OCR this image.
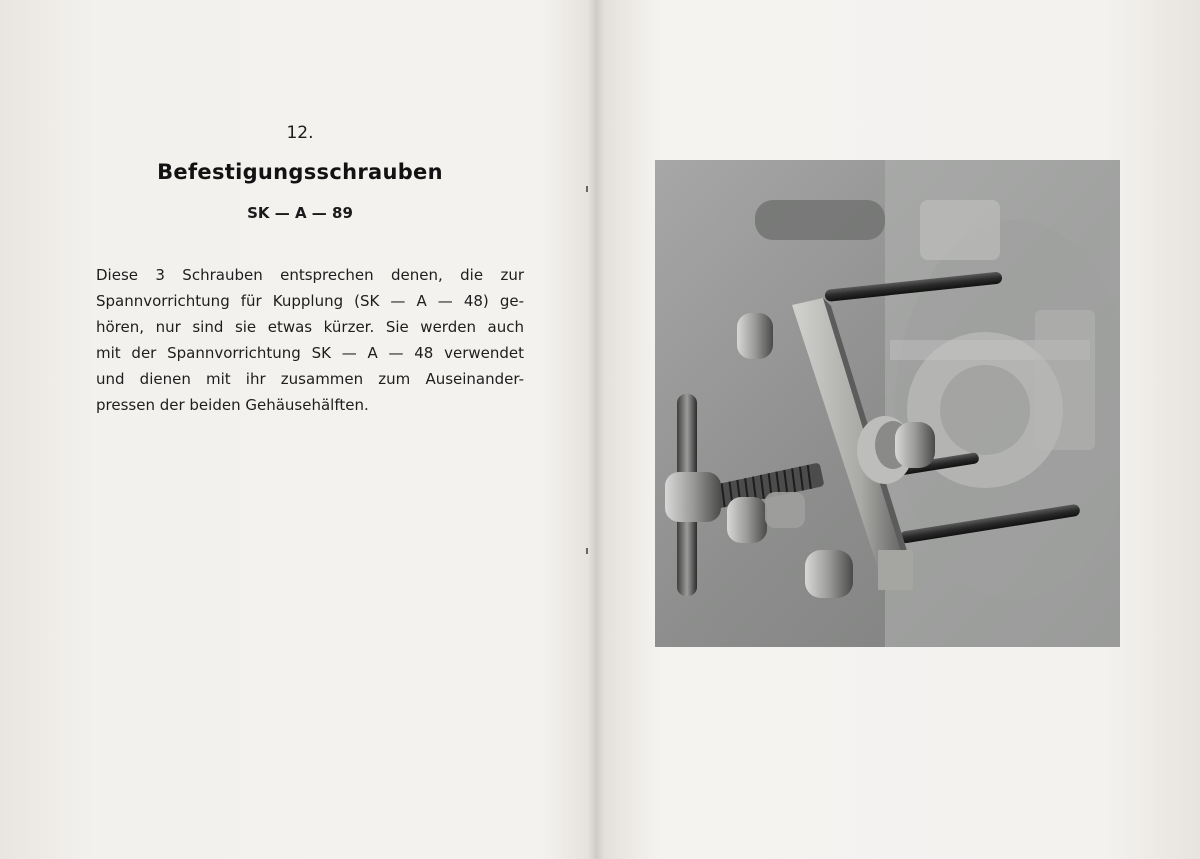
12.
Befestigungsschrauben
SK — A — 89
Diese 3 Schrauben entsprechen denen, die zur
Spannvorrichtung für Kupplung (SK — A — 48) ge-
hören, nur sind sie etwas kürzer. Sie werden auch
mit der Spannvorrichtung SK — A — 48 verwendet
und dienen mit ihr zusammen zum Auseinander-
pressen der beiden Gehäusehälften.
